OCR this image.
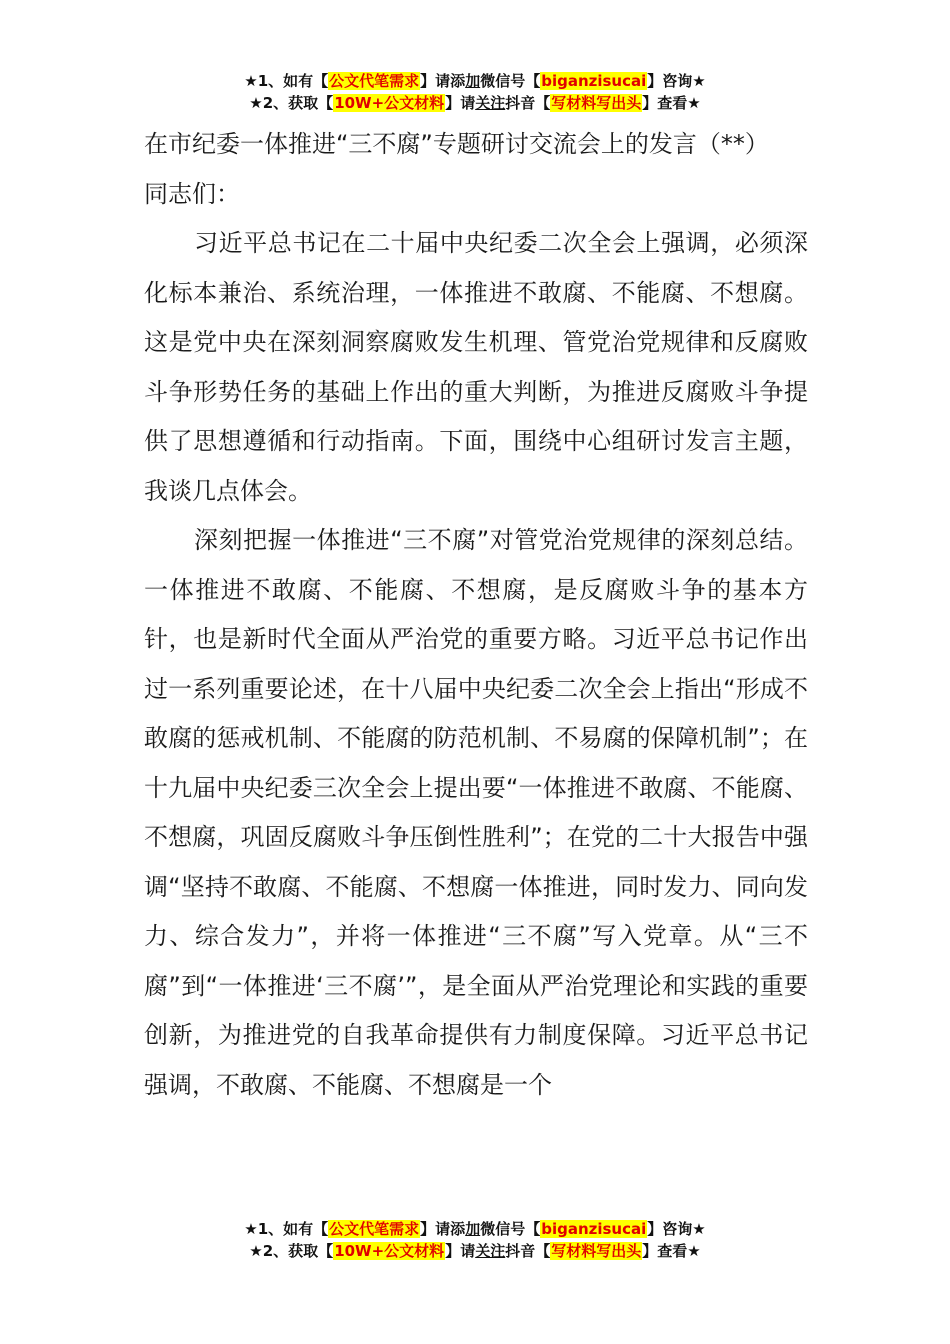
★1、如有【公文代笔需求】请添加微信号【biganzisucai】咨询★
★2、获取【10W+公文材料】请关注抖音【写材料写出头】查看★

在市纪委一体推进“三不腐”专题研讨交流会上的发言（**）

同志们：

习近平总书记在二十届中央纪委二次全会上强调，必须深化标本兼治、系统治理，一体推进不敢腐、不能腐、不想腐。这是党中央在深刻洞察腐败发生机理、管党治党规律和反腐败斗争形势任务的基础上作出的重大判断，为推进反腐败斗争提供了思想遵循和行动指南。下面，围绕中心组研讨发言主题，我谈几点体会。

深刻把握一体推进“三不腐”对管党治党规律的深刻总结。一体推进不敢腐、不能腐、不想腐，是反腐败斗争的基本方针，也是新时代全面从严治党的重要方略。习近平总书记作出过一系列重要论述，在十八届中央纪委二次全会上指出“形成不敢腐的惩戒机制、不能腐的防范机制、不易腐的保障机制”；在十九届中央纪委三次全会上提出要“一体推进不敢腐、不能腐、不想腐，巩固反腐败斗争压倒性胜利”；在党的二十大报告中强调“坚持不敢腐、不能腐、不想腐一体推进，同时发力、同向发力、综合发力”，并将一体推进“三不腐”写入党章。从“三不腐”到“一体推进‘三不腐’”，是全面从严治党理论和实践的重要创新，为推进党的自我革命提供有力制度保障。习近平总书记强调，不敢腐、不能腐、不想腐是一个

★1、如有【公文代笔需求】请添加微信号【biganzisucai】咨询★
★2、获取【10W+公文材料】请关注抖音【写材料写出头】查看★
